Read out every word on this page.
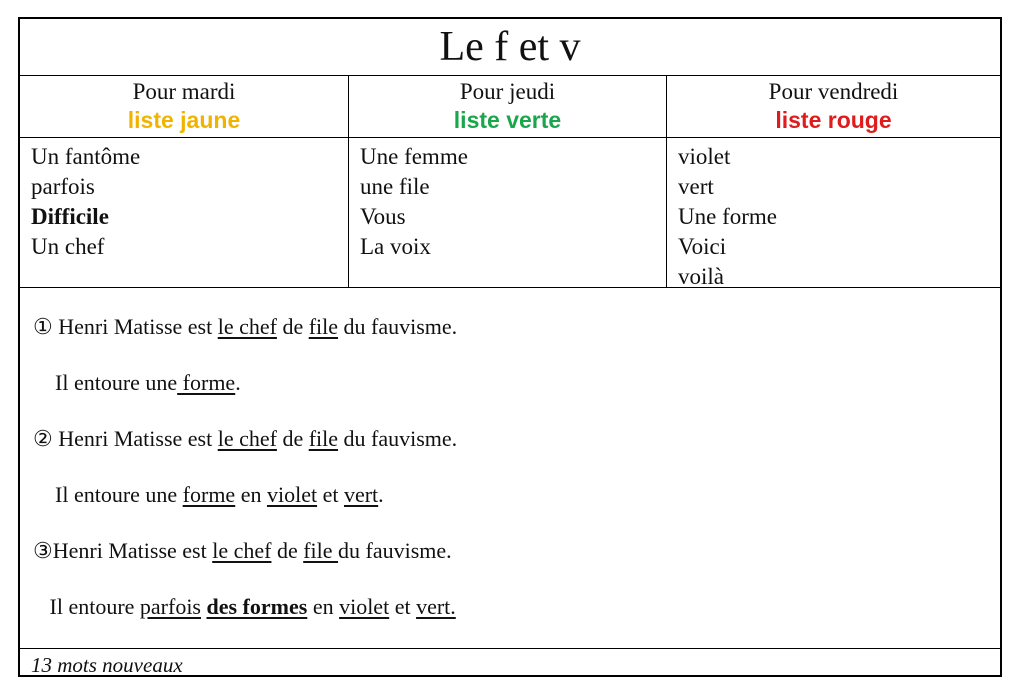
Le f et v
Pour mardi
liste jaune
Un fantôme
parfois
Difficile
Un chef
Pour jeudi
liste verte
Une femme
une file
Vous
La voix
Pour vendredi
liste rouge
violet
vert
Une forme
Voici
voilà
① Henri Matisse est le chef de file du fauvisme.
Il entoure une forme.
② Henri Matisse est le chef de file du fauvisme.
Il entoure une forme en violet et vert.
③Henri Matisse est le chef de file du fauvisme.
Il entoure parfois des formes en violet et vert.
13 mots nouveaux
